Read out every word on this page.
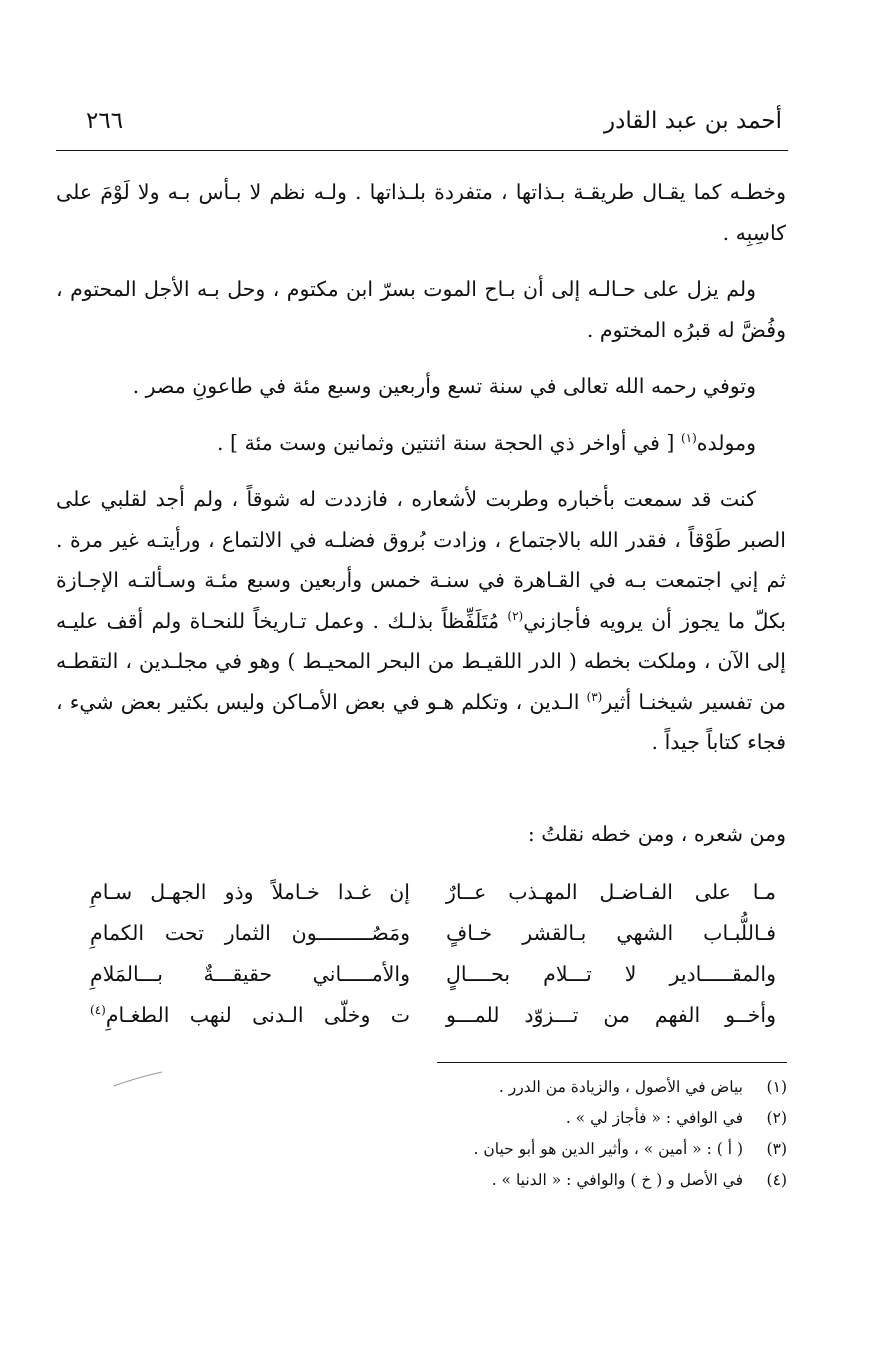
أحمد بن عبد القادر
٢٦٦

وخطـه كما يقـال طريقـة بـذاتها ، متفردة بلـذاتها . ولـه نظم لا بـأس بـه ولا لَوْمَ على كاسِبِه .

ولم يزل على حـالـه إلى أن بـاح الموت بسرّ ابن مكتوم ، وحل بـه الأجل المحتوم ، وفُضَّ له قبرُه المختوم .

وتوفي رحمه الله تعالى في سنة تسع وأربعين وسبع مئة في طاعونِ مصر .

ومولده$^{(١)}$ [ في أواخر ذي الحجة سنة اثنتين وثمانين وست مئة ] .

كنت قد سمعت بأخباره وطربت لأشعاره ، فازددت له شوقاً ، ولم أجد لقلبي على الصبر طَوْقاً ، فقدر الله بالاجتماع ، وزادت بُروق فضلـه في الالتماع ، ورأيتـه غير مرة . ثم إني اجتمعت بـه في القـاهرة في سنـة خمس وأربعين وسبع مئـة وسـألتـه الإجـازة بكلّ ما يجوز أن يرويه فأجازني$^{(٢)}$ مُتَلَفِّظاً بذلـك . وعمل تـاريخاً للنحـاة ولم أقف عليـه إلى الآن ، وملكت بخطه ( الدر اللقيـط من البحر المحيـط ) وهو في مجلـدين ، التقطـه من تفسير شيخنـا أثير$^{(٣)}$ الـدين ، وتكلم هـو في بعض الأمـاكن وليس بكثير بعض شيء ، فجاء كتاباً جيداً .

ومن شعره ، ومن خطه نقلتُ :
مـا على الفـاضـل المهـذب عــارٌ
إن غـدا خـاملاً وذو الجهـل سـامِ
فـاللُّبـاب الشهي بـالقشر خـافٍ
ومَصُـــــــــون الثمار تحت الكمامِ
والمقـــــادير لا تـــلام بحــــالٍ
والأمـــــاني حقيقـــةٌ بـــالمَلامِ
وأخــو الفهم من تـــزوّد للمـــو
ت وخلّى الـدنى لنهب الطغـامِ$^{(٤)}$
(١)
بياض في الأصول ، والزيادة من الدرر .
(٢)
في الوافي : « فأجاز لي » .
(٣)
( أ ) : « أمين » ، وأثير الدين هو أبو حيان .
(٤)
في الأصل و ( خ ) والوافي : « الدنيا » .
